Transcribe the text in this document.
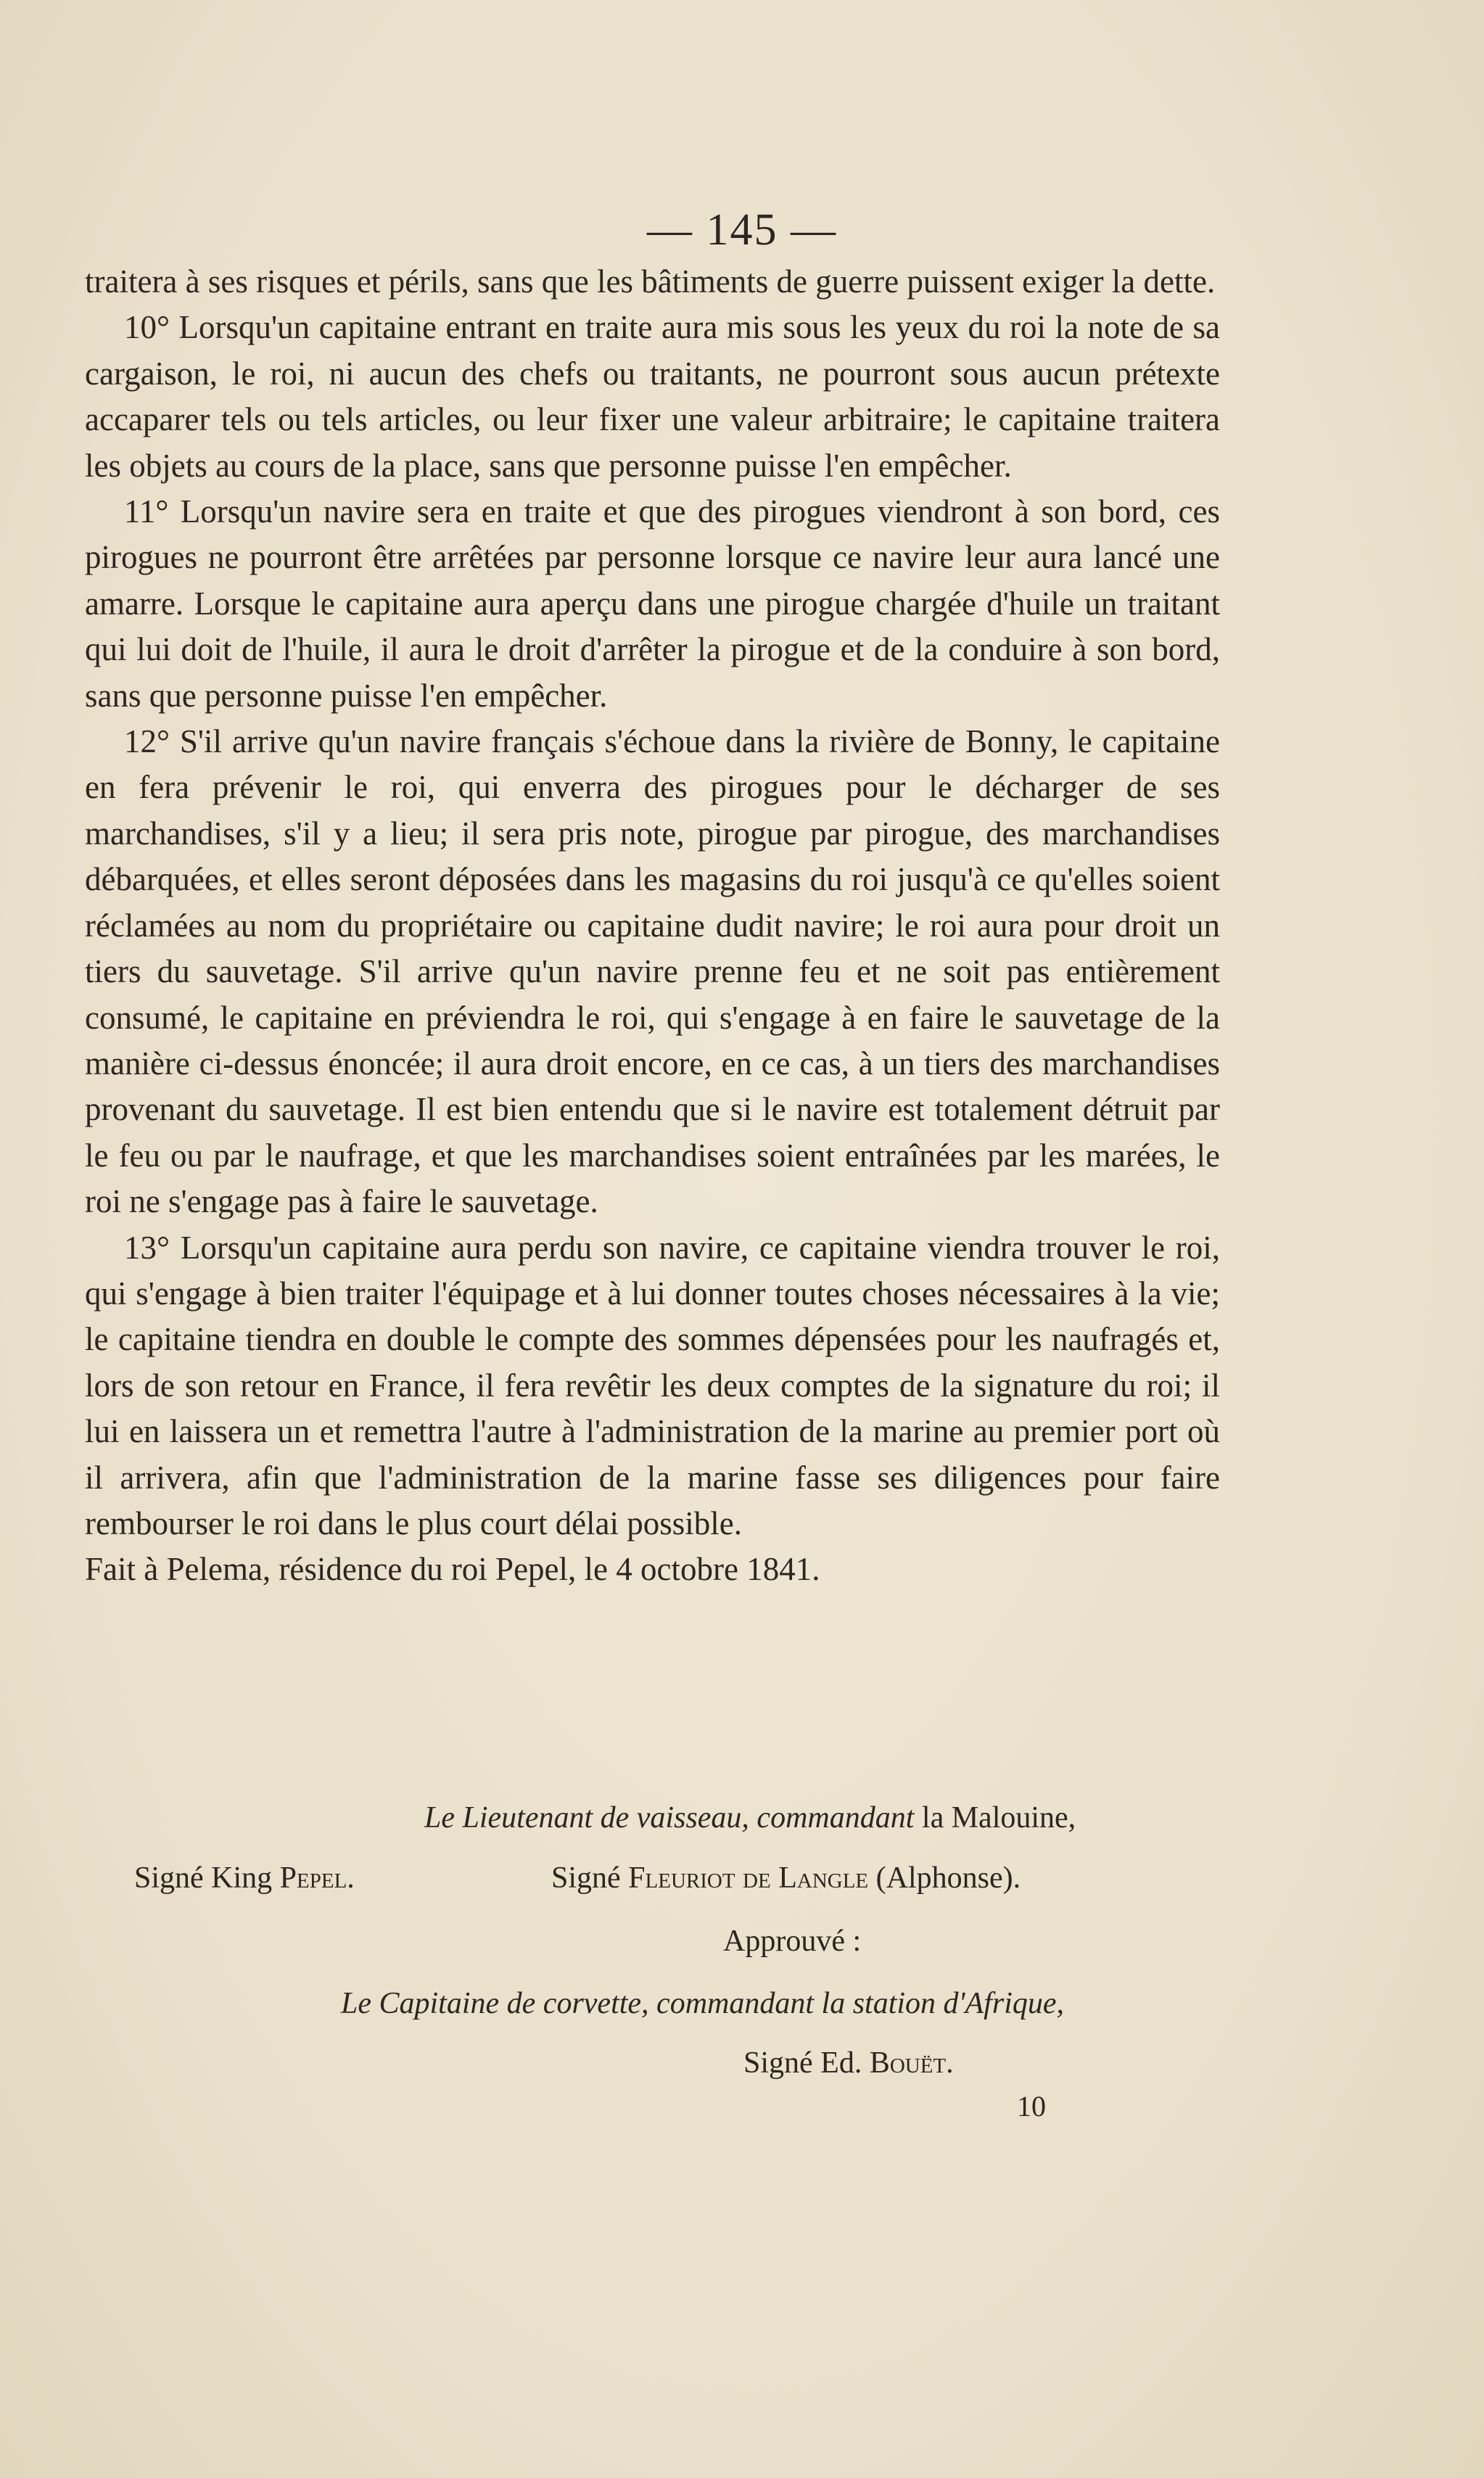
— 145 —

traitera à ses risques et périls, sans que les bâtiments de guerre puissent exiger la dette.

10° Lorsqu'un capitaine entrant en traite aura mis sous les yeux du roi la note de sa cargaison, le roi, ni aucun des chefs ou traitants, ne pourront sous aucun prétexte accaparer tels ou tels articles, ou leur fixer une valeur arbitraire; le capitaine traitera les objets au cours de la place, sans que personne puisse l'en empêcher.

11° Lorsqu'un navire sera en traite et que des pirogues viendront à son bord, ces pirogues ne pourront être arrêtées par personne lorsque ce navire leur aura lancé une amarre. Lorsque le capitaine aura aperçu dans une pirogue chargée d'huile un traitant qui lui doit de l'huile, il aura le droit d'arrêter la pirogue et de la conduire à son bord, sans que personne puisse l'en empêcher.

12° S'il arrive qu'un navire français s'échoue dans la rivière de Bonny, le capitaine en fera prévenir le roi, qui enverra des pirogues pour le décharger de ses marchandises, s'il y a lieu; il sera pris note, pirogue par pirogue, des marchandises débarquées, et elles seront déposées dans les magasins du roi jusqu'à ce qu'elles soient réclamées au nom du propriétaire ou capitaine dudit navire; le roi aura pour droit un tiers du sauvetage. S'il arrive qu'un navire prenne feu et ne soit pas entièrement consumé, le capitaine en préviendra le roi, qui s'engage à en faire le sauvetage de la manière ci-dessus énoncée; il aura droit encore, en ce cas, à un tiers des marchandises provenant du sauvetage. Il est bien entendu que si le navire est totalement détruit par le feu ou par le naufrage, et que les marchandises soient entraînées par les marées, le roi ne s'engage pas à faire le sauvetage.

13° Lorsqu'un capitaine aura perdu son navire, ce capitaine viendra trouver le roi, qui s'engage à bien traiter l'équipage et à lui donner toutes choses nécessaires à la vie; le capitaine tiendra en double le compte des sommes dépensées pour les naufragés et, lors de son retour en France, il fera revêtir les deux comptes de la signature du roi; il lui en laissera un et remettra l'autre à l'administration de la marine au premier port où il arrivera, afin que l'administration de la marine fasse ses diligences pour faire rembourser le roi dans le plus court délai possible.

Fait à Pelema, résidence du roi Pepel, le 4 octobre 1841.

Le Lieutenant de vaisseau, commandant la Malouine,
Signé King Pepel.	Signé Fleuriot de Langle (Alphonse).
Approuvé :
Le Capitaine de corvette, commandant la station d'Afrique,
Signé Ed. Bouët.
10
